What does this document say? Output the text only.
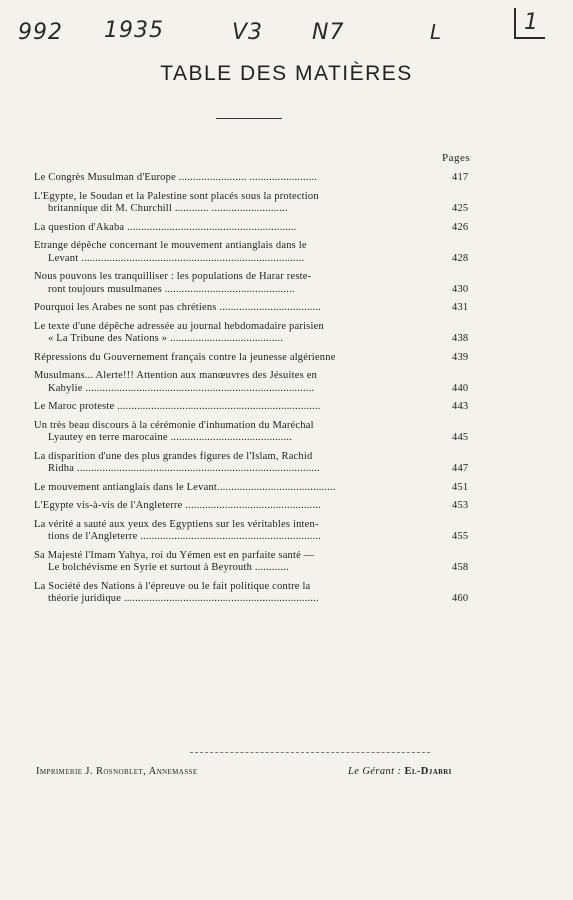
992 1935	V3 N7	L	1
TABLE DES MATIÈRES
Pages
Le Congrès Musulman d'Europe ........................ ........................	417
L'Egypte, le Soudan et la Palestine sont placés sous la protection
britannique dit M. Churchill ............ ...........................	425
La question d'Akaba ............................................................	426
Etrange dépêche concernant le mouvement antianglais dans le
Levant ...............................................................................	428
Nous pouvons les tranquilliser : les populations de Harar reste-
ront toujours musulmanes ..............................................	430
Pourquoi les Arabes ne sont pas chrétiens ....................................	431
Le texte d'une dépêche adressée au journal hebdomadaire parisien
« La Tribune des Nations » ........................................	438
Répressions du Gouvernement français contre la jeunesse algérienne	439
Musulmans... Alerte!!! Attention aux manœuvres des Jésuites en
Kabylie .................................................................................	440
Le Maroc proteste ........................................................................	443
Un très beau discours à la cérémonie d'inhumation du Maréchal
Lyautey en terre marocaine ...........................................	445
La disparition d'une des plus grandes figures de l'Islam, Rachid
Ridha ......................................................................................	447
Le mouvement antianglais dans le Levant..........................................	451
L'Egypte vis-à-vis de l'Angleterre ................................................	453
La vérité a sauté aux yeux des Egyptiens sur les véritables inten-
tions de l'Angleterre ................................................................	455
Sa Majesté l'Imam Yahya, roi du Yémen est en parfaite santé —
Le bolchévisme en Syrie et surtout à Beyrouth ............	458
La Société des Nations à l'épreuve ou le fait politique contre la
théorie juridique .....................................................................	460
Imprimerie J. Rosnoblet, Annemasse	Le Gérant : El-Djabri
